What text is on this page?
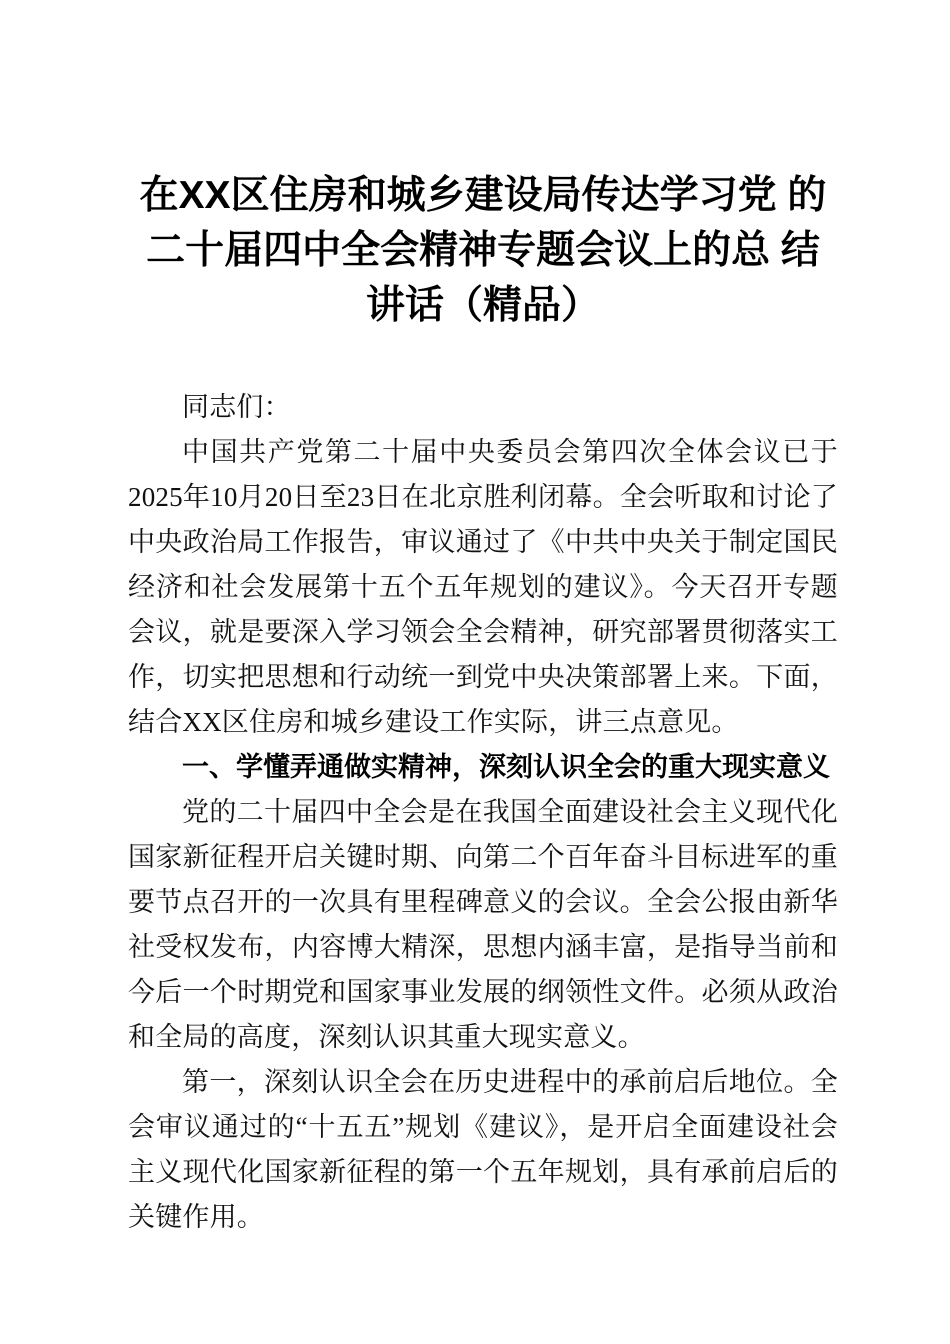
在XX区住房和城乡建设局传达学习党 的二十届四中全会精神专题会议上的总 结讲话（精品）

同志们：

中国共产党第二十届中央委员会第四次全体会议已于2025年10月20日至23日在北京胜利闭幕。全会听取和讨论了中央政治局工作报告，审议通过了《中共中央关于制定国民经济和社会发展第十五个五年规划的建议》。今天召开专题会议，就是要深入学习领会全会精神，研究部署贯彻落实工作，切实把思想和行动统一到党中央决策部署上来。下面，结合XX区住房和城乡建设工作实际，讲三点意见。

一、学懂弄通做实精神，深刻认识全会的重大现实意义

党的二十届四中全会是在我国全面建设社会主义现代化国家新征程开启关键时期、向第二个百年奋斗目标进军的重要节点召开的一次具有里程碑意义的会议。全会公报由新华社受权发布，内容博大精深，思想内涵丰富，是指导当前和今后一个时期党和国家事业发展的纲领性文件。必须从政治和全局的高度，深刻认识其重大现实意义。

第一，深刻认识全会在历史进程中的承前启后地位。全会审议通过的“十五五”规划《建议》，是开启全面建设社会主义现代化国家新征程的第一个五年规划，具有承前启后的关键作用。
